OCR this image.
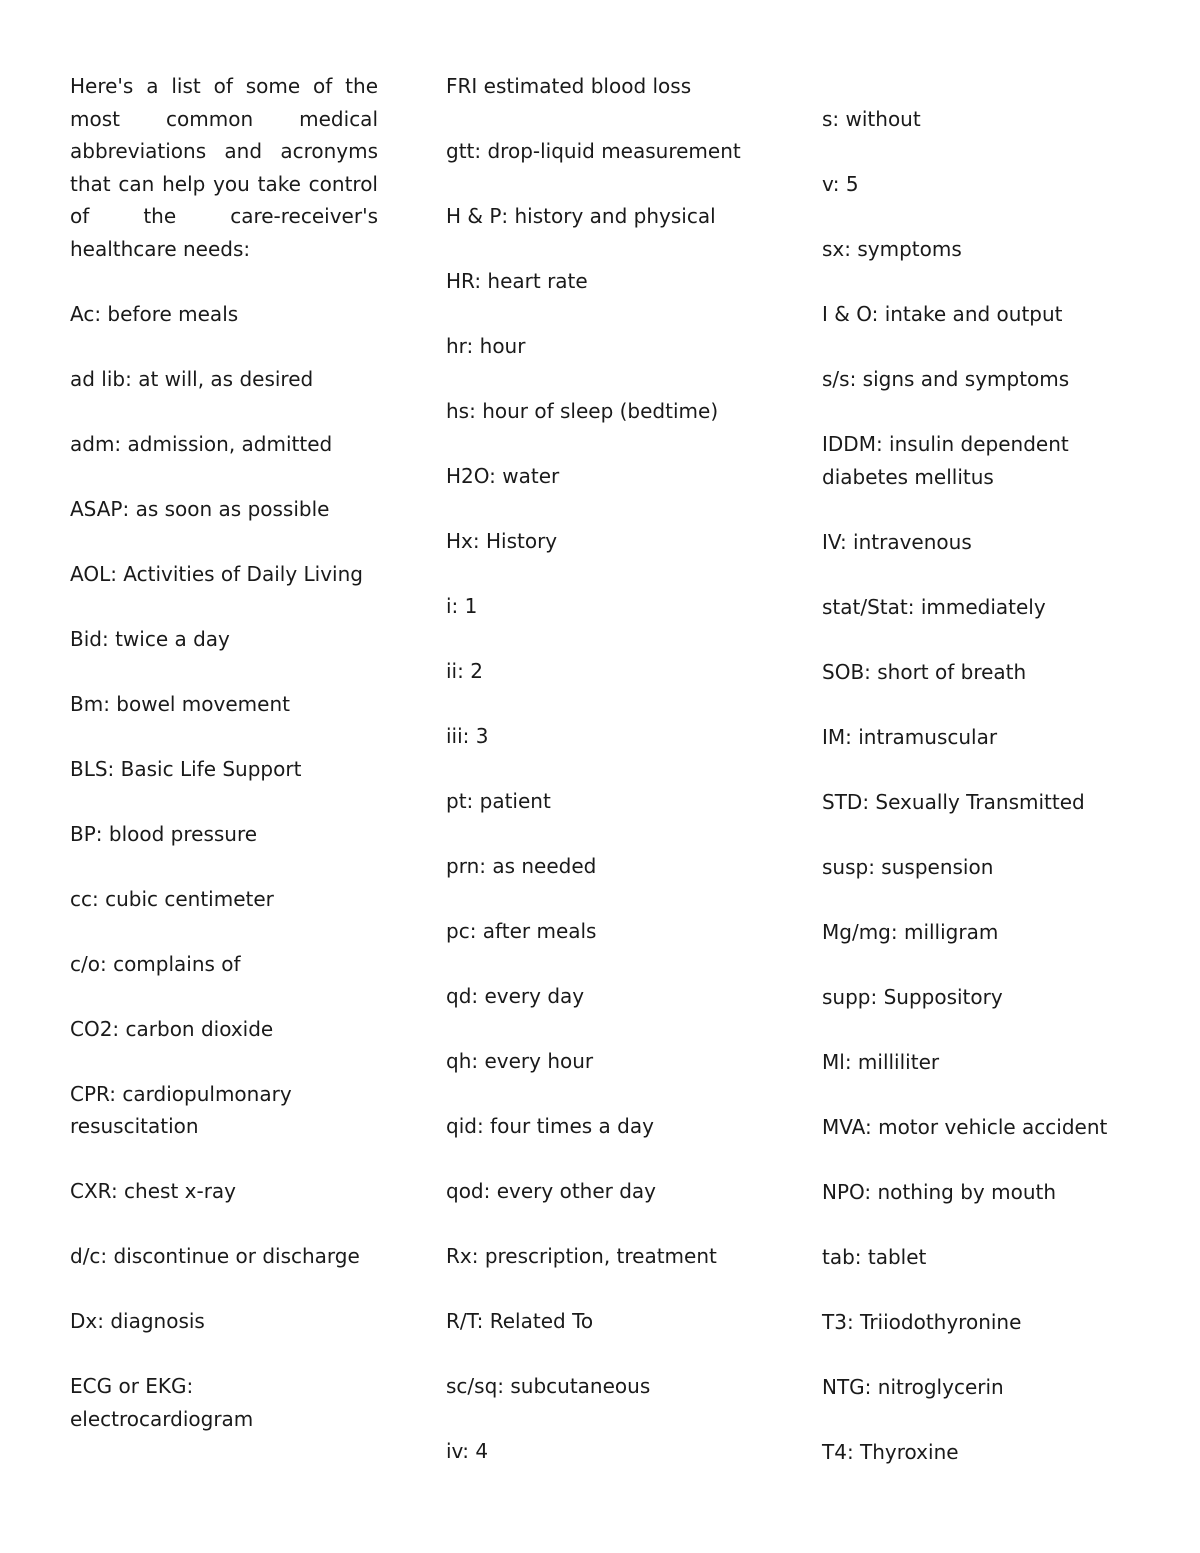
Here's a list of some of the most common medical abbreviations and acronyms that can help you take control of the care-receiver's healthcare needs:

Ac: before meals
ad lib: at will, as desired
adm: admission, admitted
ASAP: as soon as possible
AOL: Activities of Daily Living
Bid: twice a day
Bm: bowel movement
BLS: Basic Life Support
BP: blood pressure
cc: cubic centimeter
c/o: complains of
CO2: carbon dioxide
CPR: cardiopulmonary resuscitation
CXR: chest x-ray
d/c: discontinue or discharge
Dx: diagnosis
ECG or EKG: electrocardiogram
FRI estimated blood loss
gtt: drop-liquid measurement
H & P: history and physical
HR: heart rate
hr: hour
hs: hour of sleep (bedtime)
H2O: water
Hx: History
i: 1
ii: 2
iii: 3
pt: patient
prn: as needed
pc: after meals
qd: every day
qh: every hour
qid: four times a day
qod: every other day
Rx: prescription, treatment
R/T: Related To
sc/sq: subcutaneous
iv: 4
s: without
v: 5
sx: symptoms
I & O: intake and output
s/s: signs and symptoms
IDDM: insulin dependent diabetes mellitus
IV: intravenous
stat/Stat: immediately
SOB: short of breath
IM: intramuscular
STD: Sexually Transmitted
susp: suspension
Mg/mg: milligram
supp: Suppository
Ml: milliliter
MVA: motor vehicle accident
NPO: nothing by mouth
tab: tablet
T3: Triiodothyronine
NTG: nitroglycerin
T4: Thyroxine
